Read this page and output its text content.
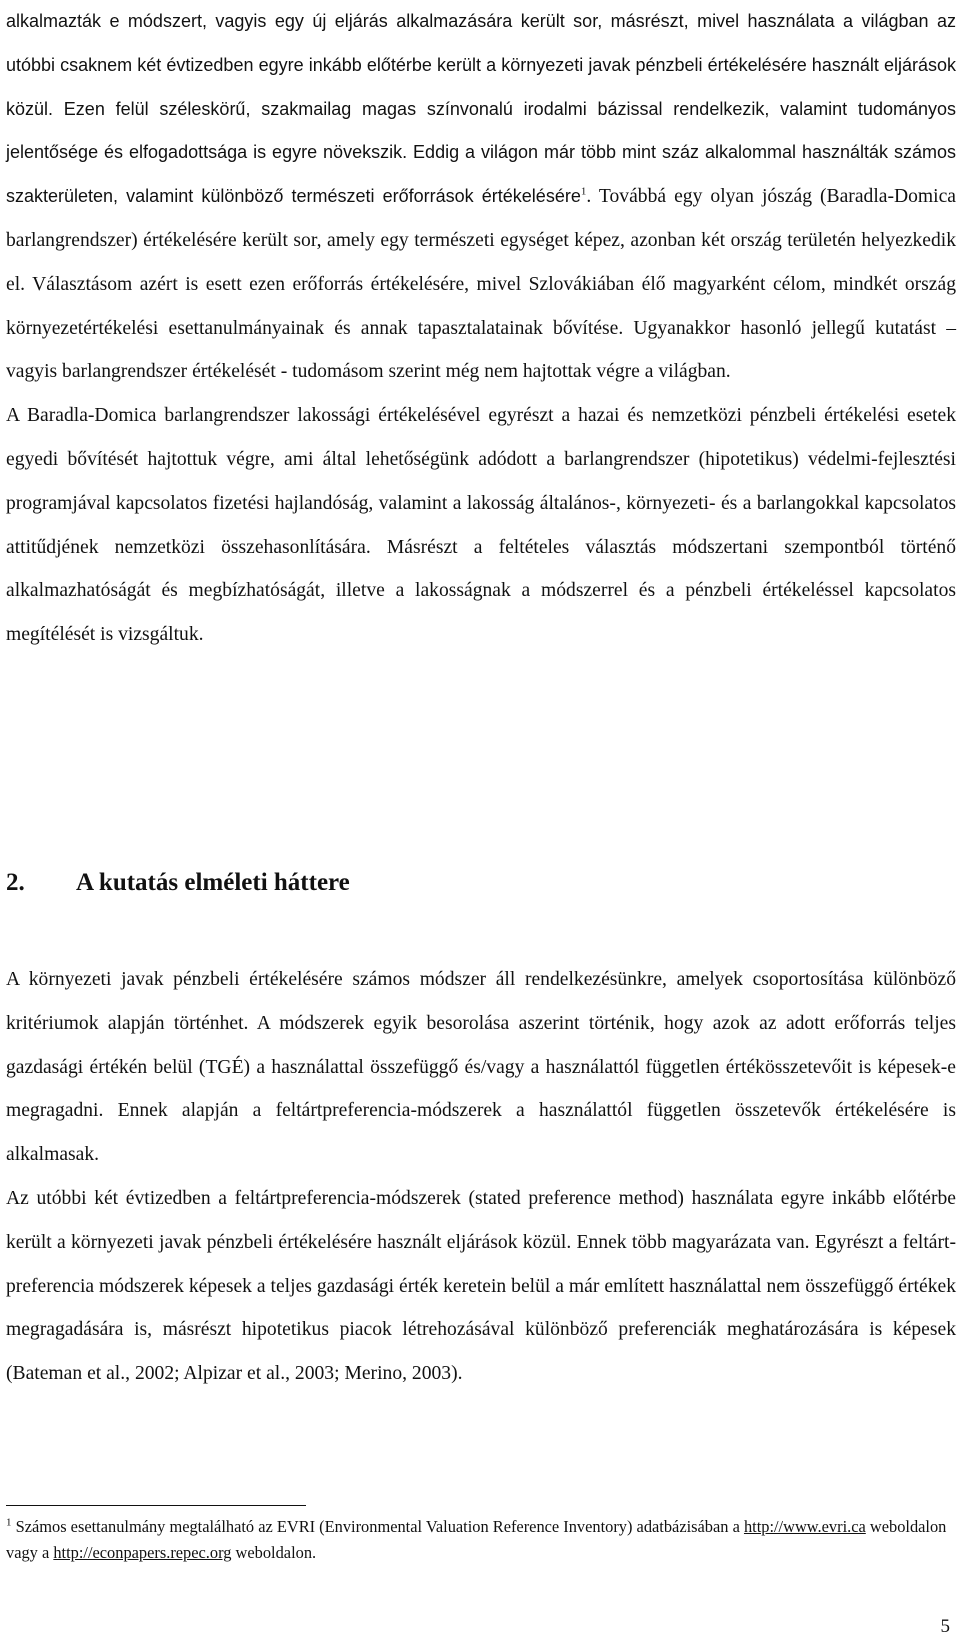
alkalmazták e módszert, vagyis egy új eljárás alkalmazására került sor, másrészt, mivel használata a világban az utóbbi csaknem két évtizedben egyre inkább előtérbe került a környezeti javak pénzbeli értékelésére használt eljárások közül. Ezen felül széleskörű, szakmailag magas színvonalú irodalmi bázissal rendelkezik, valamint tudományos jelentősége és elfogadottsága is egyre növekszik. Eddig a világon már több mint száz alkalommal használták számos szakterületen, valamint különböző természeti erőforrások értékelésére$^1$. Továbbá egy olyan jószág (Baradla-Domica barlangrendszer) értékelésére került sor, amely egy természeti egységet képez, azonban két ország területén helyezkedik el. Választásom azért is esett ezen erőforrás értékelésére, mivel Szlovákiában élő magyarként célom, mindkét ország környezetértékelési esettanulmányainak és annak tapasztalatainak bővítése. Ugyanakkor hasonló jellegű kutatást – vagyis barlangrendszer értékelését - tudomásom szerint még nem hajtottak végre a világban.

A Baradla-Domica barlangrendszer lakossági értékelésével egyrészt a hazai és nemzetközi pénzbeli értékelési esetek egyedi bővítését hajtottuk végre, ami által lehetőségünk adódott a barlangrendszer (hipotetikus) védelmi-fejlesztési programjával kapcsolatos fizetési hajlandóság, valamint a lakosság általános-, környezeti- és a barlangokkal kapcsolatos attitűdjének nemzetközi összehasonlítására. Másrészt a feltételes választás módszertani szempontból történő alkalmazhatóságát és megbízhatóságát, illetve a lakosságnak a módszerrel és a pénzbeli értékeléssel kapcsolatos megítélését is vizsgáltuk.

2. A kutatás elméleti háttere

A környezeti javak pénzbeli értékelésére számos módszer áll rendelkezésünkre, amelyek csoportosítása különböző kritériumok alapján történhet. A módszerek egyik besorolása aszerint történik, hogy azok az adott erőforrás teljes gazdasági értékén belül (TGÉ) a használattal összefüggő és/vagy a használattól független értékösszetevőit is képesek-e megragadni. Ennek alapján a feltártpreferencia-módszerek a használattól független összetevők értékelésére is alkalmasak.

Az utóbbi két évtizedben a feltártpreferencia-módszerek (stated preference method) használata egyre inkább előtérbe került a környezeti javak pénzbeli értékelésére használt eljárások közül. Ennek több magyarázata van. Egyrészt a feltárt-preferencia módszerek képesek a teljes gazdasági érték keretein belül a már említett használattal nem összefüggő értékek megragadására is, másrészt hipotetikus piacok létrehozásával különböző preferenciák meghatározására is képesek (Bateman et al., 2002; Alpizar et al., 2003; Merino, 2003).

$^1$ Számos esettanulmány megtalálható az EVRI (Environmental Valuation Reference Inventory) adatbázisában a http://www.evri.ca weboldalon vagy a http://econpapers.repec.org weboldalon.

5
